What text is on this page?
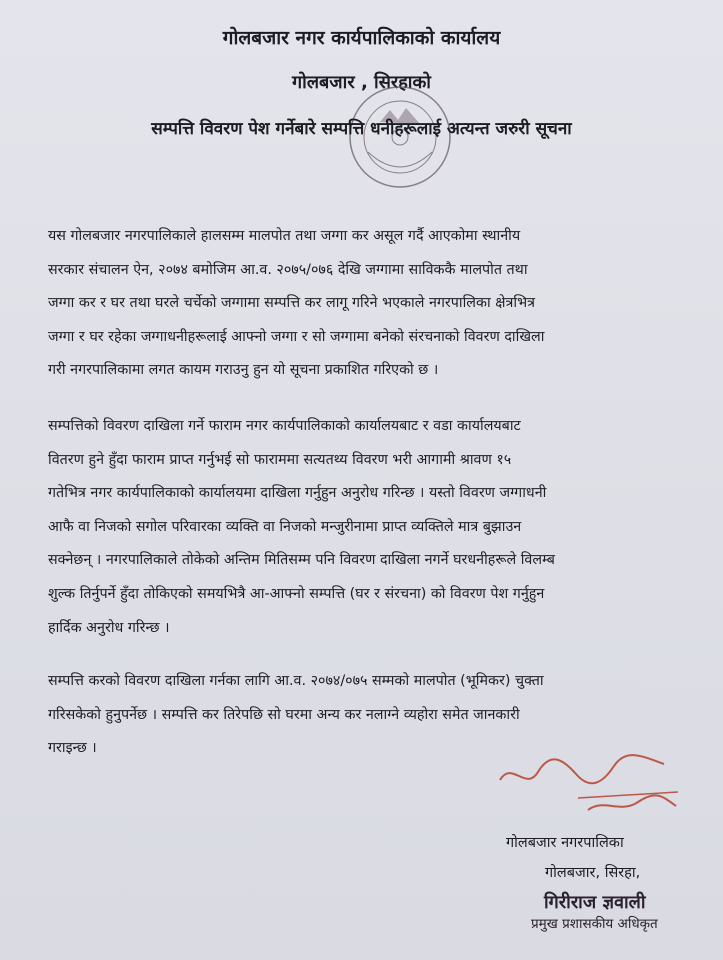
गोलबजार नगर कार्यपालिकाको कार्यालय
गोलबजार , सिरहाको
सम्पत्ति विवरण पेश गर्नेबारे सम्पत्ति धनीहरूलाई अत्यन्त जरुरी सूचना

यस गोलबजार नगरपालिकाले हालसम्म मालपोत तथा जग्गा कर असूल गर्दै आएकोमा स्थानीय
सरकार संचालन ऐन, २०७४ बमोजिम आ.व. २०७५/०७६ देखि जग्गामा साविककै मालपोत तथा
जग्गा कर र घर तथा घरले चर्चेको जग्गामा सम्पत्ति कर लागू गरिने भएकाले नगरपालिका क्षेत्रभित्र
जग्गा र घर रहेका जग्गाधनीहरूलाई आफ्नो जग्गा र सो जग्गामा बनेको संरचनाको विवरण दाखिला
गरी नगरपालिकामा लगत कायम गराउनु हुन यो सूचना प्रकाशित गरिएको छ ।

सम्पत्तिको विवरण दाखिला गर्ने फाराम नगर कार्यपालिकाको कार्यालयबाट र वडा कार्यालयबाट
वितरण हुने हुँदा फाराम प्राप्त गर्नुभई सो फाराममा सत्यतथ्य विवरण भरी आगामी श्रावण १५
गतेभित्र नगर कार्यपालिकाको कार्यालयमा दाखिला गर्नुहुन अनुरोध गरिन्छ । यस्तो विवरण जग्गाधनी
आफै वा निजको सगोल परिवारका व्यक्ति वा निजको मन्जुरीनामा प्राप्त व्यक्तिले मात्र बुझाउन
सक्नेछन् । नगरपालिकाले तोकेको अन्तिम मितिसम्म पनि विवरण दाखिला नगर्ने घरधनीहरूले विलम्ब
शुल्क तिर्नुपर्ने हुँदा तोकिएको समयभित्रै आ-आफ्नो सम्पत्ति (घर र संरचना) को विवरण पेश गर्नुहुन
हार्दिक अनुरोध गरिन्छ ।

सम्पत्ति करको विवरण दाखिला गर्नका लागि आ.व. २०७४/०७५ सम्मको मालपोत (भूमिकर) चुक्ता
गरिसकेको हुनुपर्नेछ । सम्पत्ति कर तिरेपछि सो घरमा अन्य कर नलाग्ने व्यहोरा समेत जानकारी
गराइन्छ ।

गोलबजार नगरपालिका
गोलबजार, सिरहा,
गिरीराज ज्ञवाली
प्रमुख प्रशासकीय अधिकृत
